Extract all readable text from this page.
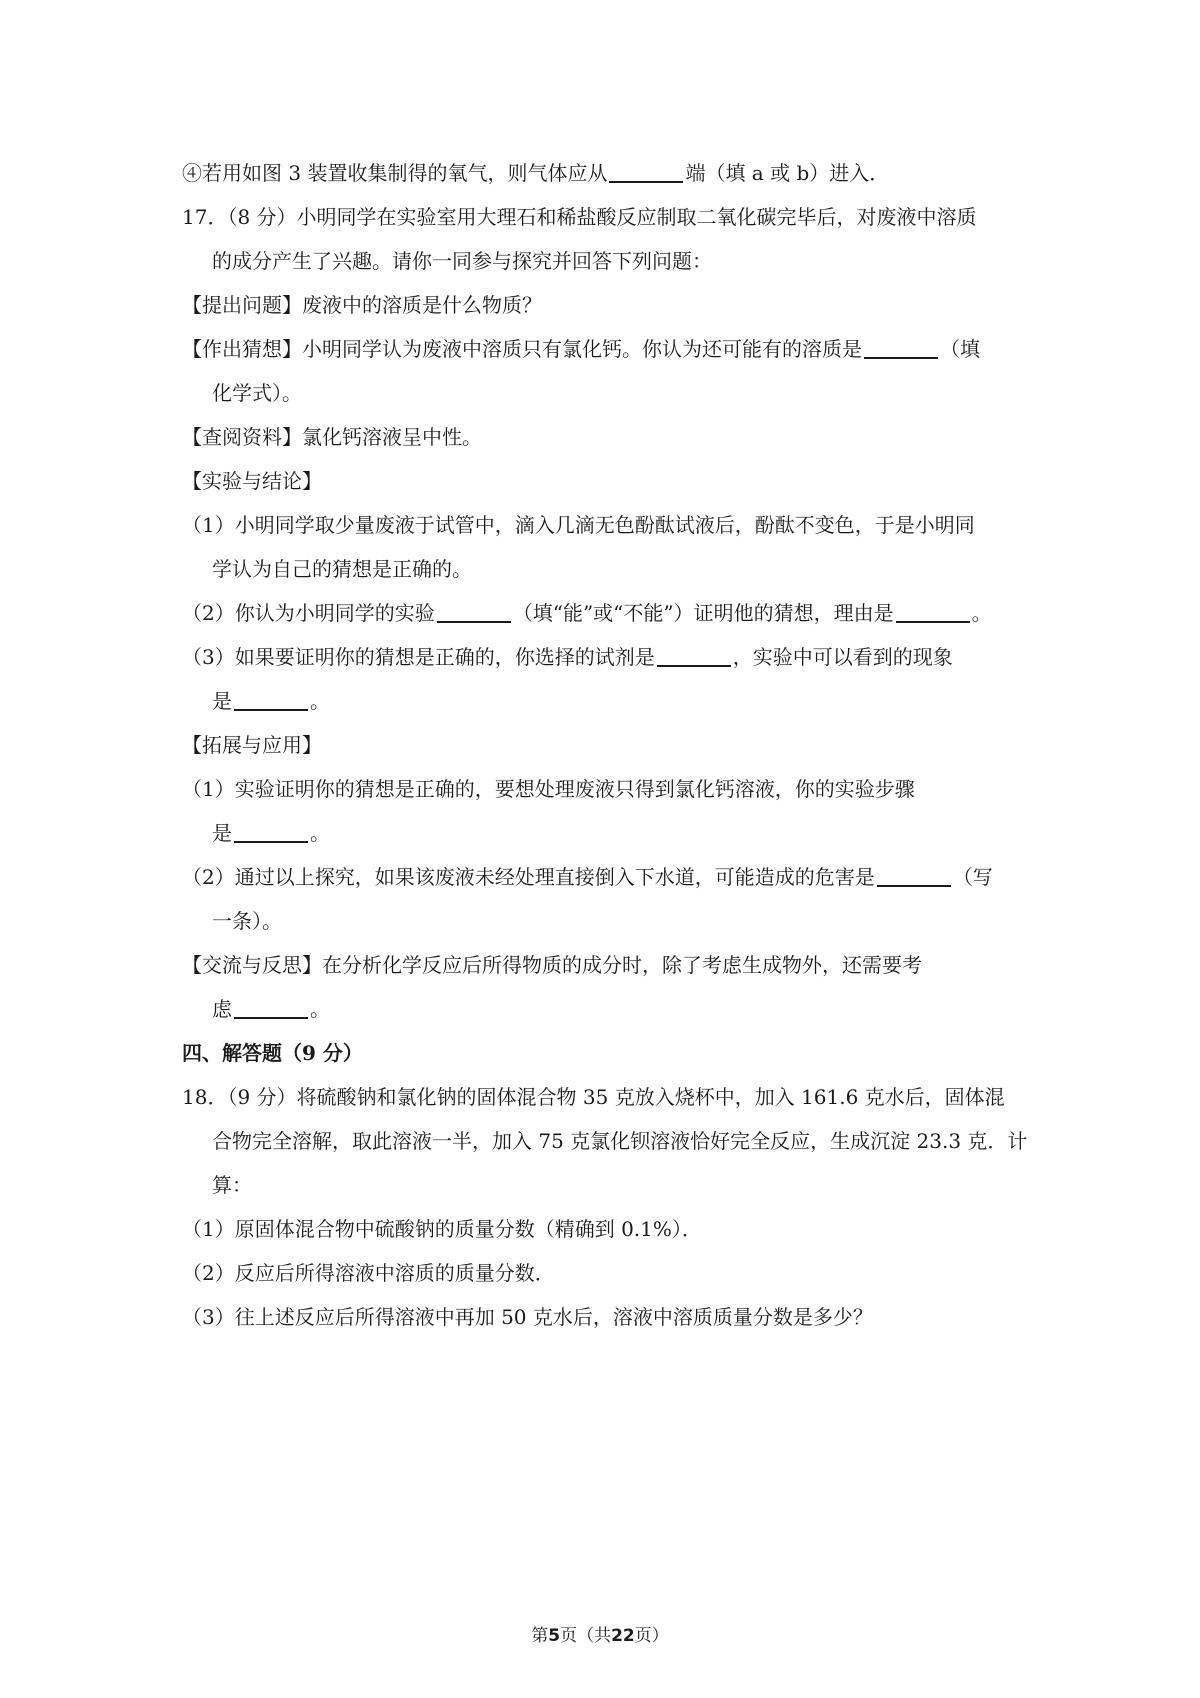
④若用如图 3 装置收集制得的氧气，则气体应从	端（填 a 或 b）进入．
17．（8 分）小明同学在实验室用大理石和稀盐酸反应制取二氧化碳完毕后，对废液中溶质
的成分产生了兴趣。请你一同参与探究并回答下列问题：
【提出问题】废液中的溶质是什么物质？
【作出猜想】小明同学认为废液中溶质只有氯化钙。你认为还可能有的溶质是	（填
化学式）。
【查阅资料】氯化钙溶液呈中性。
【实验与结论】
（1）小明同学取少量废液于试管中，滴入几滴无色酚酞试液后，酚酞不变色，于是小明同
学认为自己的猜想是正确的。
（2）你认为小明同学的实验	（填“能”或“不能”）证明他的猜想，理由是	。
（3）如果要证明你的猜想是正确的，你选择的试剂是	，实验中可以看到的现象
是	。
【拓展与应用】
（1）实验证明你的猜想是正确的，要想处理废液只得到氯化钙溶液，你的实验步骤
是	。
（2）通过以上探究，如果该废液未经处理直接倒入下水道，可能造成的危害是	（写
一条）。
【交流与反思】在分析化学反应后所得物质的成分时，除了考虑生成物外，还需要考
虑	。
四、解答题（9 分）
18．（9 分）将硫酸钠和氯化钠的固体混合物 35 克放入烧杯中，加入 161.6 克水后，固体混
合物完全溶解，取此溶液一半，加入 75 克氯化钡溶液恰好完全反应，生成沉淀 23.3 克．计
算：
（1）原固体混合物中硫酸钠的质量分数（精确到 0.1%）．
（2）反应后所得溶液中溶质的质量分数．
（3）往上述反应后所得溶液中再加 50 克水后，溶液中溶质质量分数是多少？
第5页（共22页）
